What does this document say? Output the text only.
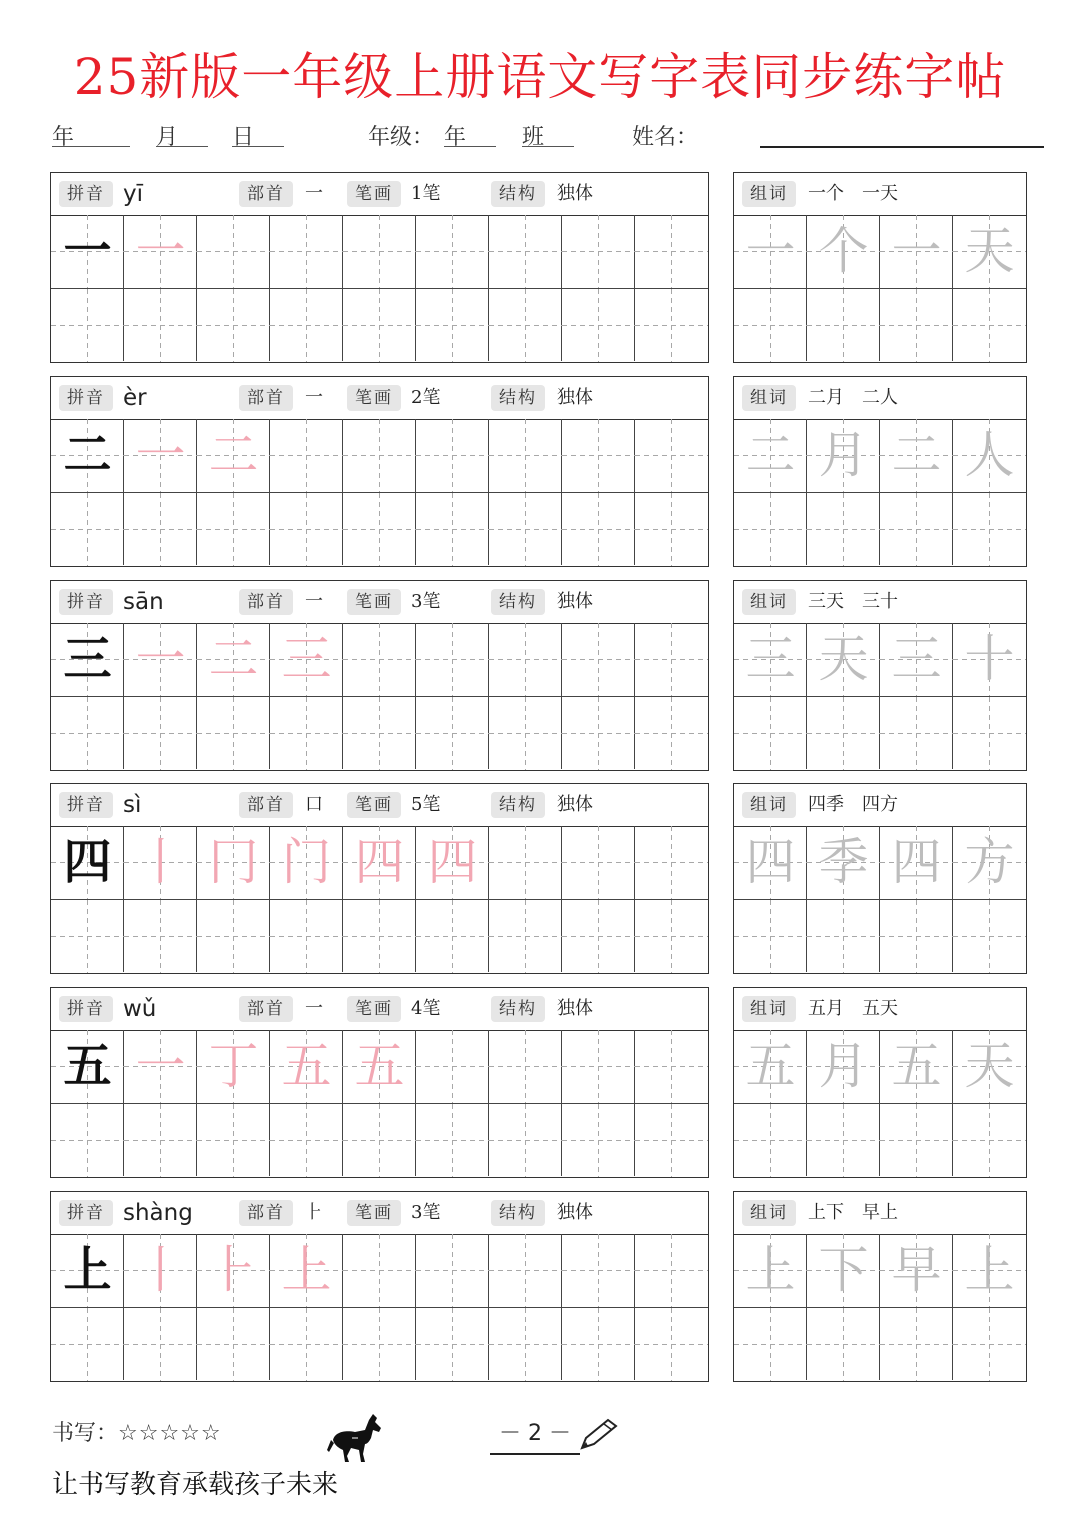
25新版一年级上册语文写字表同步练字帖
年	月 日	年级： 年	班	姓名：
拼音 yī	部首	一	笔画	1笔	结构	独体
一 一
组词	一个　一天
一 个 一 天
拼音 èr	部首	一	笔画	2笔	结构	独体
二 一 二
组词	二月　二人
二 月 二 人
拼音 sān	部首	一	笔画	3笔	结构	独体
三 一 二 三
组词	三天　三十
三 天 三 十
拼音 sì	部首	口	笔画	5笔	结构	独体
四 丨 冂 门 四 四
组词	四季　四方
四 季 四 方
拼音 wǔ	部首	一	笔画	4笔	结构	独体
五 一 丁 五 五
组词	五月　五天
五 月 五 天
拼音 shàng	部首	⺊	笔画	3笔	结构	独体
上 丨 ⺊ 上
组词	上下　早上
上 下 早 上
书写：☆☆☆☆☆	－ 2 －
让书写教育承载孩子未来
